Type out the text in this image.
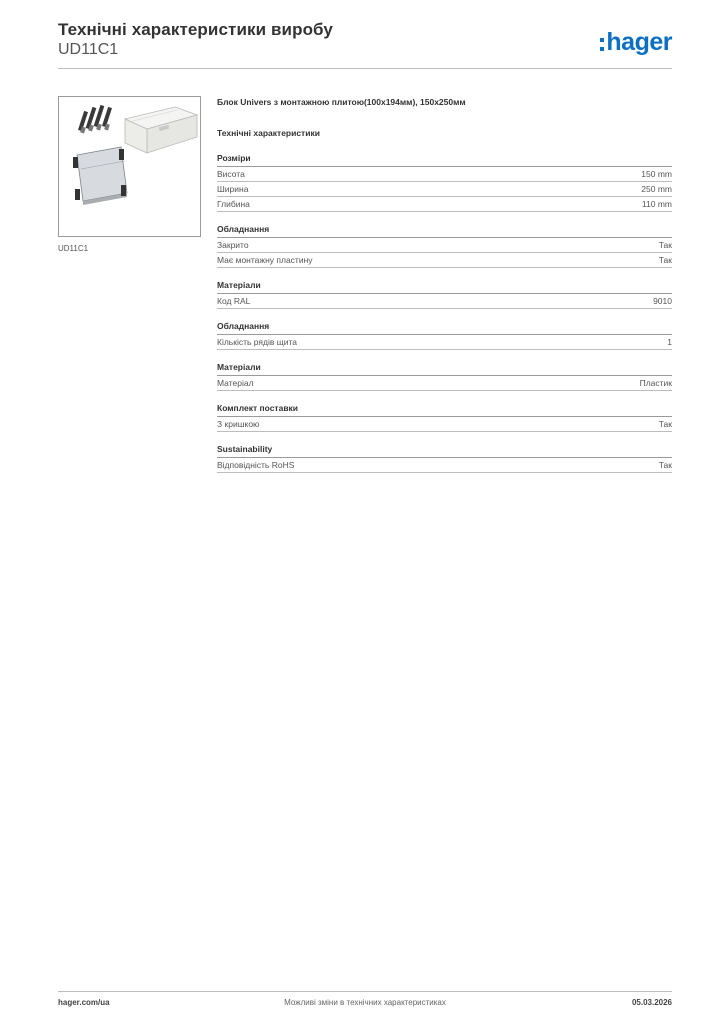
Технічні характеристики виробу
UD11C1	hager
UD11C1
Блок Univers з монтажною плитою(100x194мм), 150x250мм
Технічні характеристики
Розміри
Висота	150 mm
Ширина	250 mm
Глибина	110 mm
Обладнання
Закрито	Так
Має монтажну пластину	Так
Матеріали
Код RAL	9010
Обладнання
Кількість рядів щита	1
Матеріали
Матеріал	Пластик
Комплект поставки
З кришкою	Так
Sustainability
Відповідність RoHS	Так
hager.com/ua	Можливі зміни в технічних характеристиках	05.03.2026
